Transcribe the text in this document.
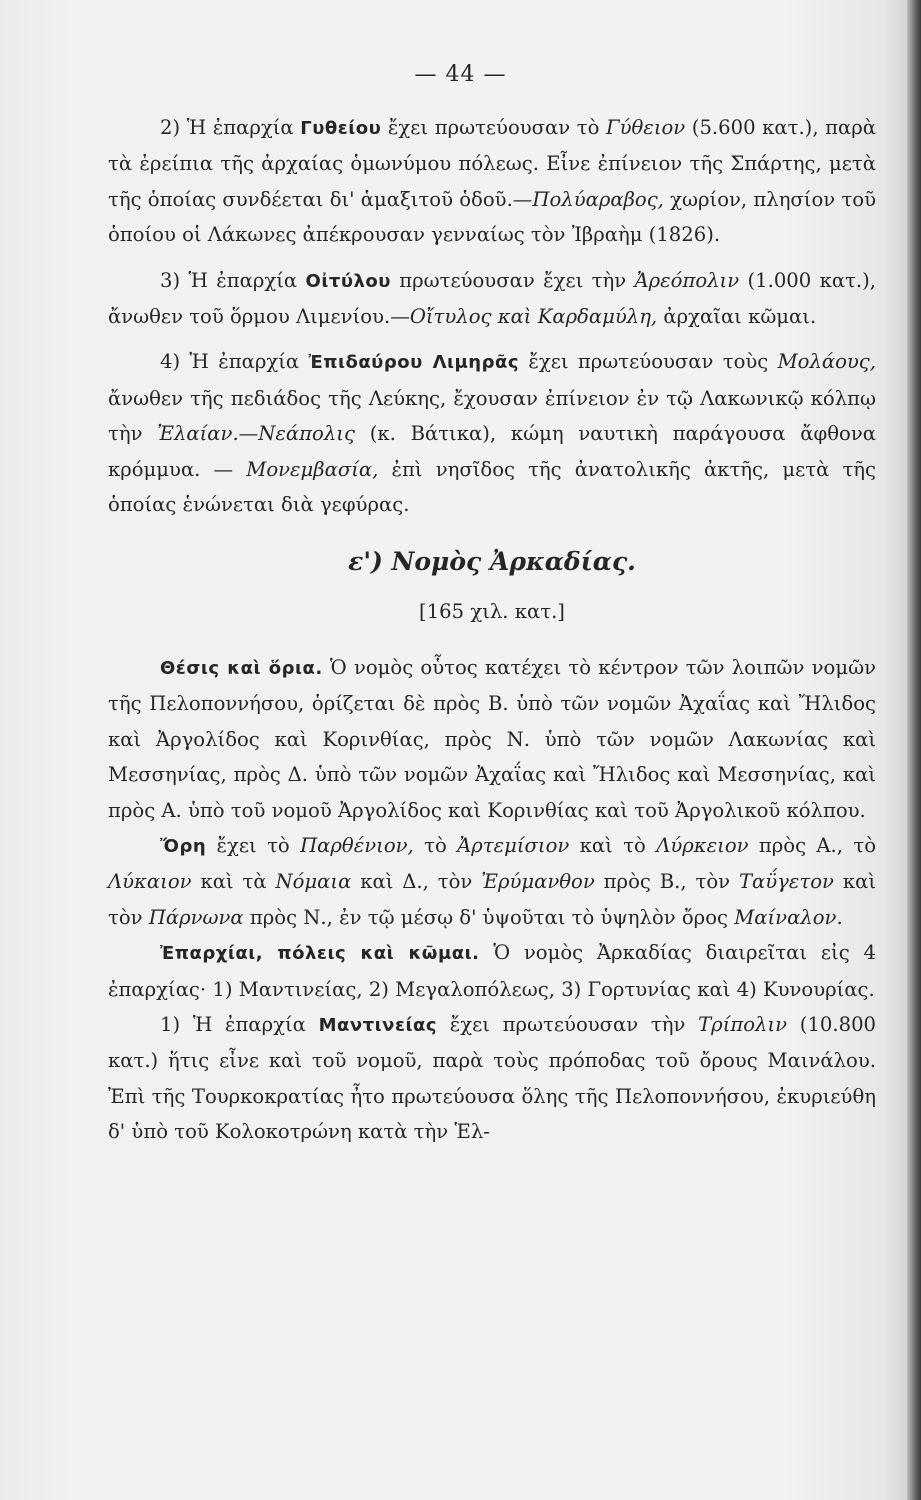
— 44 —

2) Ἡ ἐπαρχία Γυθείου ἔχει πρωτεύουσαν τὸ Γύθειον (5.600 κατ.), παρὰ τὰ ἐρείπια τῆς ἀρχαίας ὁμωνύμου πόλεως. Εἶνε ἐπίνειον τῆς Σπάρτης, μετὰ τῆς ὁποίας συνδέεται δι' ἁμαξιτοῦ ὁδοῦ.—Πολύαραβος, χωρίον, πλησίον τοῦ ὁποίου οἱ Λάκωνες ἀπέκρουσαν γενναίως τὸν Ἰβραὴμ (1826).

3) Ἡ ἐπαρχία Οἰτύλου πρωτεύουσαν ἔχει τὴν Ἀρεόπολιν (1.000 κατ.), ἄνωθεν τοῦ ὅρμου Λιμενίου.—Οἴτυλος καὶ Καρδαμύλη, ἀρχαῖαι κῶμαι.

4) Ἡ ἐπαρχία Ἐπιδαύρου Λιμηρᾶς ἔχει πρωτεύουσαν τοὺς Μολάους, ἄνωθεν τῆς πεδιάδος τῆς Λεύκης, ἔχουσαν ἐπίνειον ἐν τῷ Λακωνικῷ κόλπῳ τὴν Ἐλαίαν.—Νεάπολις (κ. Βάτικα), κώμη ναυτικὴ παράγουσα ἄφθονα κρόμμυα. — Μονεμβασία, ἐπὶ νησῖδος τῆς ἀνατολικῆς ἀκτῆς, μετὰ τῆς ὁποίας ἑνώνεται διὰ γεφύρας.

ε') Νομὸς Ἀρκαδίας.

[165 χιλ. κατ.]

Θέσις καὶ ὅρια. Ὁ νομὸς οὗτος κατέχει τὸ κέντρον τῶν λοιπῶν νομῶν τῆς Πελοποννήσου, ὁρίζεται δὲ πρὸς Β. ὑπὸ τῶν νομῶν Ἀχαΐας καὶ Ἤλιδος καὶ Ἀργολίδος καὶ Κορινθίας, πρὸς Ν. ὑπὸ τῶν νομῶν Λακωνίας καὶ Μεσσηνίας, πρὸς Δ. ὑπὸ τῶν νομῶν Ἀχαΐας καὶ Ἤλιδος καὶ Μεσσηνίας, καὶ πρὸς Α. ὑπὸ τοῦ νομοῦ Ἀργολίδος καὶ Κορινθίας καὶ τοῦ Ἀργολικοῦ κόλπου.

Ὄρη ἔχει τὸ Παρθένιον, τὸ Ἀρτεμίσιον καὶ τὸ Λύρκειον πρὸς Α., τὸ Λύκαιον καὶ τὰ Νόμαια καὶ Δ., τὸν Ἐρύμανθον πρὸς Β., τὸν Ταΰγετον καὶ τὸν Πάρνωνα πρὸς Ν., ἐν τῷ μέσῳ δ' ὑψοῦται τὸ ὑψηλὸν ὄρος Μαίναλον.

Ἐπαρχίαι, πόλεις καὶ κῶμαι. Ὁ νομὸς Ἀρκαδίας διαιρεῖται εἰς 4 ἐπαρχίας· 1) Μαντινείας, 2) Μεγαλοπόλεως, 3) Γορτυνίας καὶ 4) Κυνουρίας.

1) Ἡ ἐπαρχία Μαντινείας ἔχει πρωτεύουσαν τὴν Τρίπολιν (10.800 κατ.) ἥτις εἶνε καὶ τοῦ νομοῦ, παρὰ τοὺς πρόποδας τοῦ ὄρους Μαινάλου. Ἐπὶ τῆς Τουρκοκρατίας ἦτο πρωτεύουσα ὅλης τῆς Πελοποννήσου, ἐκυριεύθη δ' ὑπὸ τοῦ Κολοκοτρώνη κατὰ τὴν Ἑλ-
